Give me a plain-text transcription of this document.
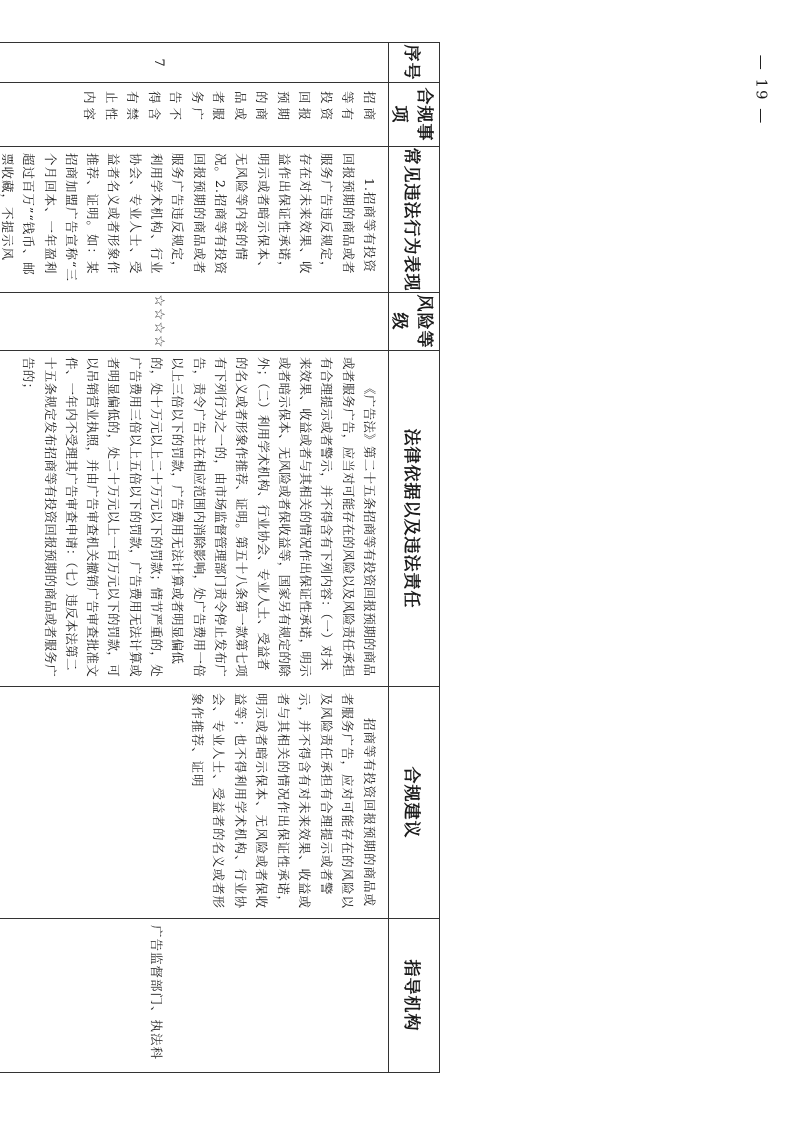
— 19 —
序号	合规事项	常见违法行为表现	风险等级	法律依据以及违法责任	合规建议	指导机构
7	招商等有投资回报预期的商品或者服务广告不得含有禁止性内容	1.招商等有投资回报预期的商品或者服务广告违反规定，存在对未来效果、收益作出保证性承诺，明示或者暗示保本、无风险等内容的情况。2.招商等有投资回报预期的商品或者服务广告违反规定，利用学术机构、行业协会、专业人士、受益者名义或者形象作推荐、证明。如：某招商加盟广告宣称“三个月回本、一年盈利超过百万”“钱币、邮票收藏，不提示风	☆☆☆☆	《广告法》第二十五条招商等有投资回报预期的商品或者服务广告，应当对可能存在的风险以及风险责任承担有合理提示或者警示，并不得含有下列内容：（一）对未来效果、收益或者与其相关的情况作出保证性承诺，明示或者暗示保本、无风险或者保收益等，国家另有规定的除外；（二）利用学术机构、行业协会、专业人士、受益者的名义或者形象作推荐、证明。第五十八条第一款第七项有下列行为之一的，由市场监督管理部门责令停止发布广告，责令广告主在相应范围内消除影响，处广告费用一倍以上三倍以下的罚款，广告费用无法计算或者明显偏低的，处十万元以上二十万元以下的罚款；情节严重的，处广告费用三倍以上五倍以下的罚款，广告费用无法计算或者明显偏低的，处二十万元以上一百万元以下的罚款，可以吊销营业执照，并由广告审查机关撤销广告审查批准文件、一年内不受理其广告审查申请：（七）违反本法第二十五条规定发布招商等有投资回报预期的商品或者服务广告的；	招商等有投资回报预期的商品或者服务广告，应对可能存在的风险以及风险责任承担有合理提示或者警示，并不得含有对未来效果、收益或者与其相关的情况作出保证性承诺，明示或者暗示保本、无风险或者保收益等；也不得利用学术机构、行业协会、专业人士、受益者的名义或者形象作推荐、证明	广告监督部门、执法科
